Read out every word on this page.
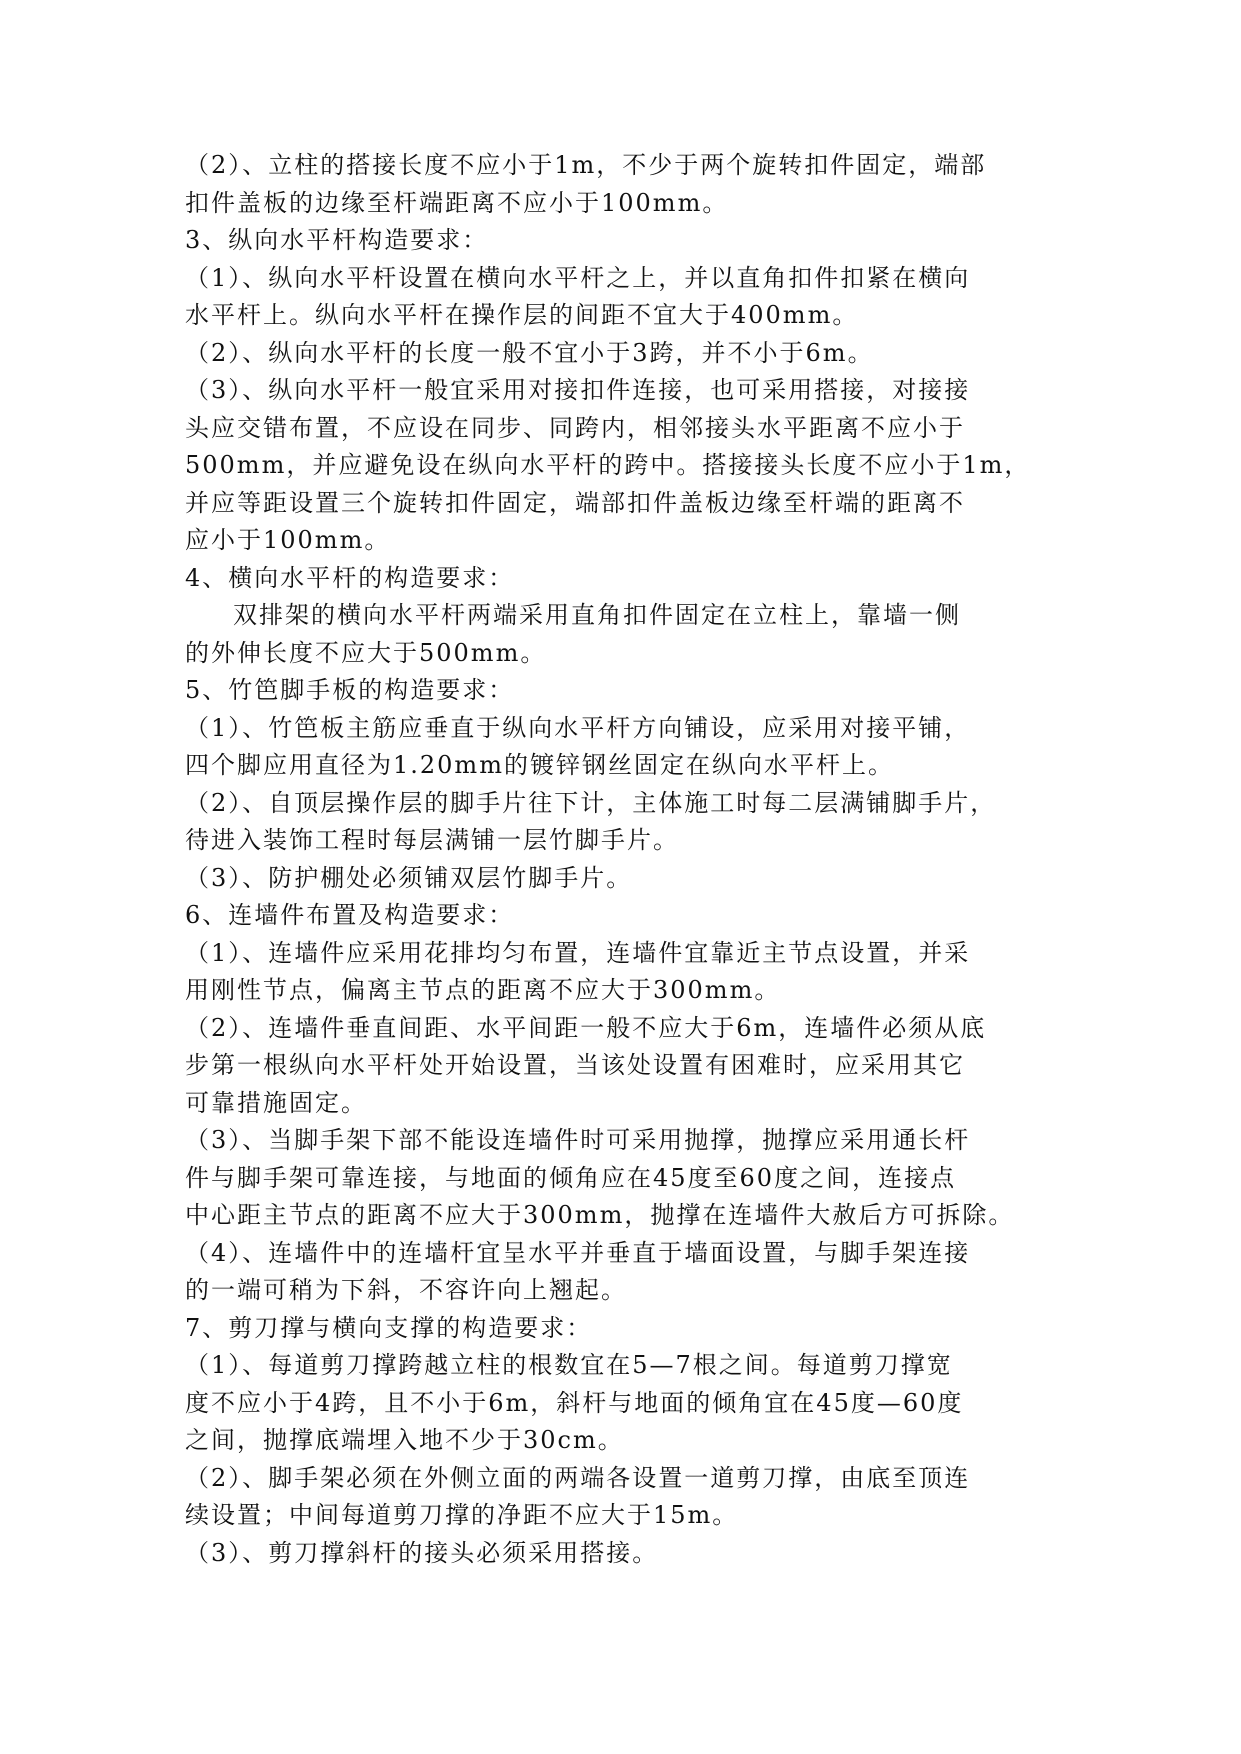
（2）、立柱的搭接长度不应小于1m，不少于两个旋转扣件固定，端部
扣件盖板的边缘至杆端距离不应小于100mm。
3、纵向水平杆构造要求：
（1）、纵向水平杆设置在横向水平杆之上，并以直角扣件扣紧在横向
水平杆上。纵向水平杆在操作层的间距不宜大于400mm。
（2）、纵向水平杆的长度一般不宜小于3跨，并不小于6m。
（3）、纵向水平杆一般宜采用对接扣件连接，也可采用搭接，对接接
头应交错布置，不应设在同步、同跨内，相邻接头水平距离不应小于
500mm，并应避免设在纵向水平杆的跨中。搭接接头长度不应小于1m，
并应等距设置三个旋转扣件固定，端部扣件盖板边缘至杆端的距离不
应小于100mm。
4、横向水平杆的构造要求：
双排架的横向水平杆两端采用直角扣件固定在立柱上，靠墙一侧
的外伸长度不应大于500mm。
5、竹笆脚手板的构造要求：
（1）、竹笆板主筋应垂直于纵向水平杆方向铺设，应采用对接平铺，
四个脚应用直径为1.20mm的镀锌钢丝固定在纵向水平杆上。
（2）、自顶层操作层的脚手片往下计，主体施工时每二层满铺脚手片，
待进入装饰工程时每层满铺一层竹脚手片。
（3）、防护棚处必须铺双层竹脚手片。
6、连墙件布置及构造要求：
（1）、连墙件应采用花排均匀布置，连墙件宜靠近主节点设置，并采
用刚性节点，偏离主节点的距离不应大于300mm。
（2）、连墙件垂直间距、水平间距一般不应大于6m，连墙件必须从底
步第一根纵向水平杆处开始设置，当该处设置有困难时，应采用其它
可靠措施固定。
（3）、当脚手架下部不能设连墙件时可采用抛撑，抛撑应采用通长杆
件与脚手架可靠连接，与地面的倾角应在45度至60度之间，连接点
中心距主节点的距离不应大于300mm，抛撑在连墙件大赦后方可拆除。
（4）、连墙件中的连墙杆宜呈水平并垂直于墙面设置，与脚手架连接
的一端可稍为下斜，不容许向上翘起。
7、剪刀撑与横向支撑的构造要求：
（1）、每道剪刀撑跨越立柱的根数宜在5—7根之间。每道剪刀撑宽
度不应小于4跨，且不小于6m，斜杆与地面的倾角宜在45度—60度
之间，抛撑底端埋入地不少于30cm。
（2）、脚手架必须在外侧立面的两端各设置一道剪刀撑，由底至顶连
续设置；中间每道剪刀撑的净距不应大于15m。
（3）、剪刀撑斜杆的接头必须采用搭接。
